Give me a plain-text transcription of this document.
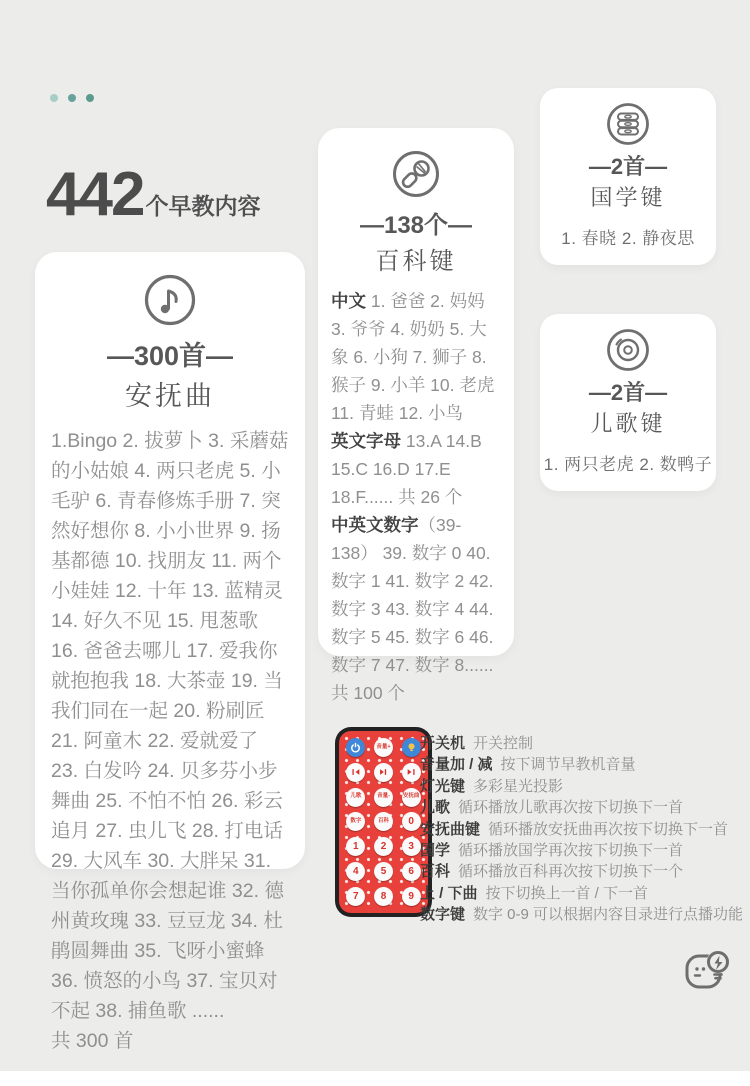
442 个早教内容
—300首—
安抚曲
1.Bingo 2. 拔萝卜 3. 采蘑菇的小姑娘 4. 两只老虎 5. 小毛驴 6. 青春修炼手册 7. 突然好想你 8. 小小世界 9. 扬基都德 10. 找朋友 11. 两个小娃娃 12. 十年 13. 蓝精灵 14. 好久不见 15. 甩葱歌 16. 爸爸去哪儿 17. 爱我你就抱抱我 18. 大茶壶 19. 当我们同在一起 20. 粉刷匠 21. 阿童木 22. 爱就爱了 23. 白发吟 24. 贝多芬小步舞曲 25. 不怕不怕 26. 彩云追月 27. 虫儿飞 28. 打电话 29. 大风车 30. 大胖呆 31. 当你孤单你会想起谁 32. 德州黄玫瑰 33. 豆豆龙 34. 杜鹃圆舞曲 35. 飞呀小蜜蜂 36. 愤怒的小鸟 37. 宝贝对不起 38. 捕鱼歌 ......
共 300 首
—138个—
百科键

中文 1. 爸爸 2. 妈妈 3. 爷爷 4. 奶奶 5. 大象 6. 小狗 7. 狮子 8. 猴子 9. 小羊 10. 老虎 11. 青蛙 12. 小鸟

英文字母 13.A 14.B 15.C 16.D 17.E 18.F...... 共 26 个

中英文数字（39-138） 39. 数字 0 40. 数字 1 41. 数字 2 42. 数字 3 43. 数字 4 44. 数字 5 45. 数字 6 46. 数字 7 47. 数字 8...... 共 100 个

—2首—
国学键
1. 春晓 2. 静夜思
—2首—
儿歌键
1. 两只老虎 2. 数鸭子
音量+
儿歌	音量-	安抚曲
数字	百科	0
1	2	3
4	5	6
7	8	9
开关机 开关控制
音量加 / 减 按下调节早教机音量
灯光键 多彩星光投影
儿歌 循环播放儿歌再次按下切换下一首
安抚曲键 循环播放安抚曲再次按下切换下一首
国学 循环播放国学再次按下切换下一首
百科 循环播放百科再次按下切换下一个
上 / 下曲 按下切换上一首 / 下一首
数字键 数字 0-9 可以根据内容目录进行点播功能
